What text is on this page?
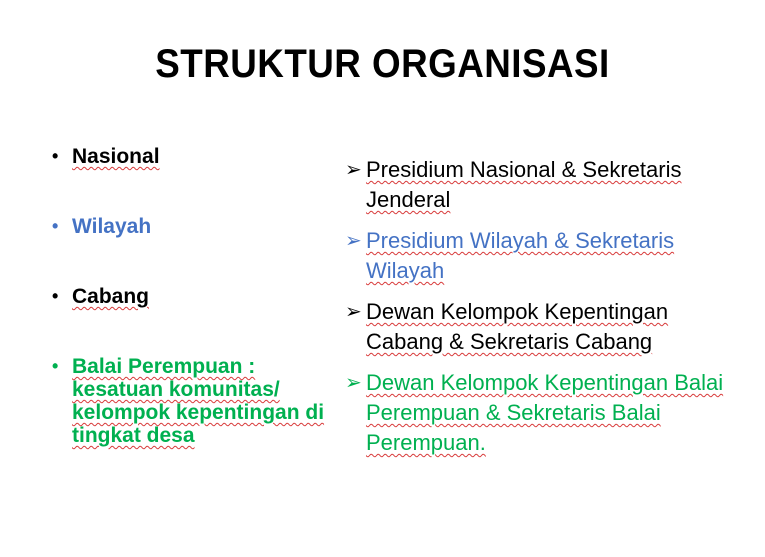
STRUKTUR ORGANISASI
• Nasional
• Wilayah
• Cabang
• Balai Perempuan : kesatuan komunitas/ kelompok kepentingan di tingkat desa
➢ Presidium Nasional & Sekretaris Jenderal
➢ Presidium Wilayah & Sekretaris Wilayah
➢ Dewan Kelompok Kepentingan Cabang & Sekretaris Cabang
➢ Dewan Kelompok Kepentingan Balai Perempuan & Sekretaris Balai Perempuan.
